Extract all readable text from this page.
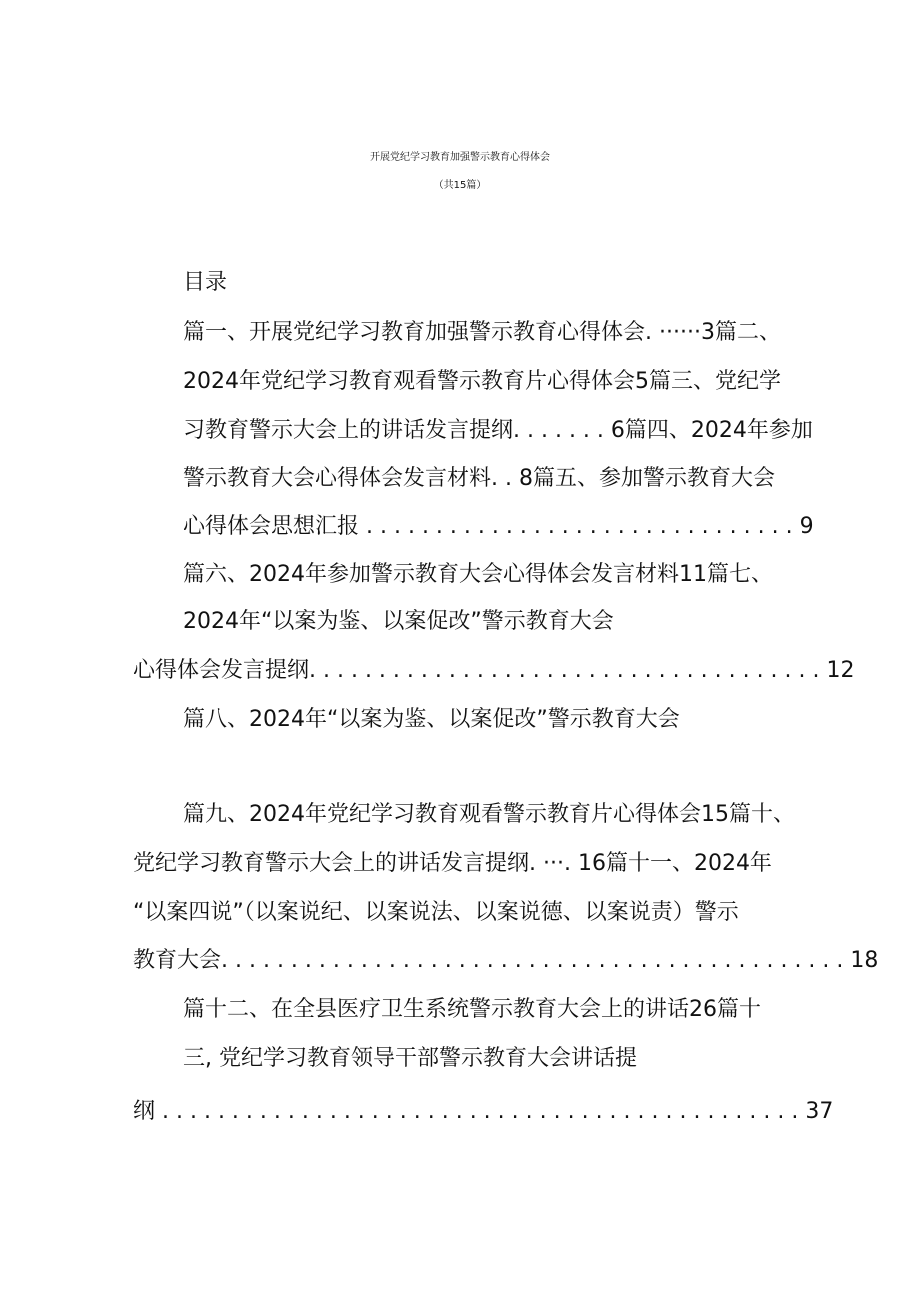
开展党纪学习教育加强警示教育心得体会
（共15篇）
目录
篇一、开展党纪学习教育加强警示教育心得体会. ······3篇二、
2024年党纪学习教育观看警示教育片心得体会5篇三、党纪学
习教育警示大会上的讲话发言提纲. . . . . . . 6篇四、2024年参加
警示教育大会心得体会发言材料. . 8篇五、参加警示教育大会
心得体会思想汇报 . . . . . . . . . . . . . . . . . . . . . . . . . . . . . . . 9
篇六、2024年参加警示教育大会心得体会发言材料11篇七、
2024年“以案为鉴、以案促改”警示教育大会
心得体会发言提纲. . . . . . . . . . . . . . . . . . . . . . . . . . . . . . . . . . . . . 12
篇八、2024年“以案为鉴、以案促改”警示教育大会
篇九、2024年党纪学习教育观看警示教育片心得体会15篇十、
党纪学习教育警示大会上的讲话发言提纲. ···. 16篇十一、2024年
“以案四说”（以案说纪、以案说法、以案说德、以案说责）警示
教育大会. . . . . . . . . . . . . . . . . . . . . . . . . . . . . . . . . . . . . . . . . . . . . 18
篇十二、在全县医疗卫生系统警示教育大会上的讲话26篇十
三, 党纪学习教育领导干部警示教育大会讲话提
纲 . . . . . . . . . . . . . . . . . . . . . . . . . . . . . . . . . . . . . . . . . . . . . . 37
